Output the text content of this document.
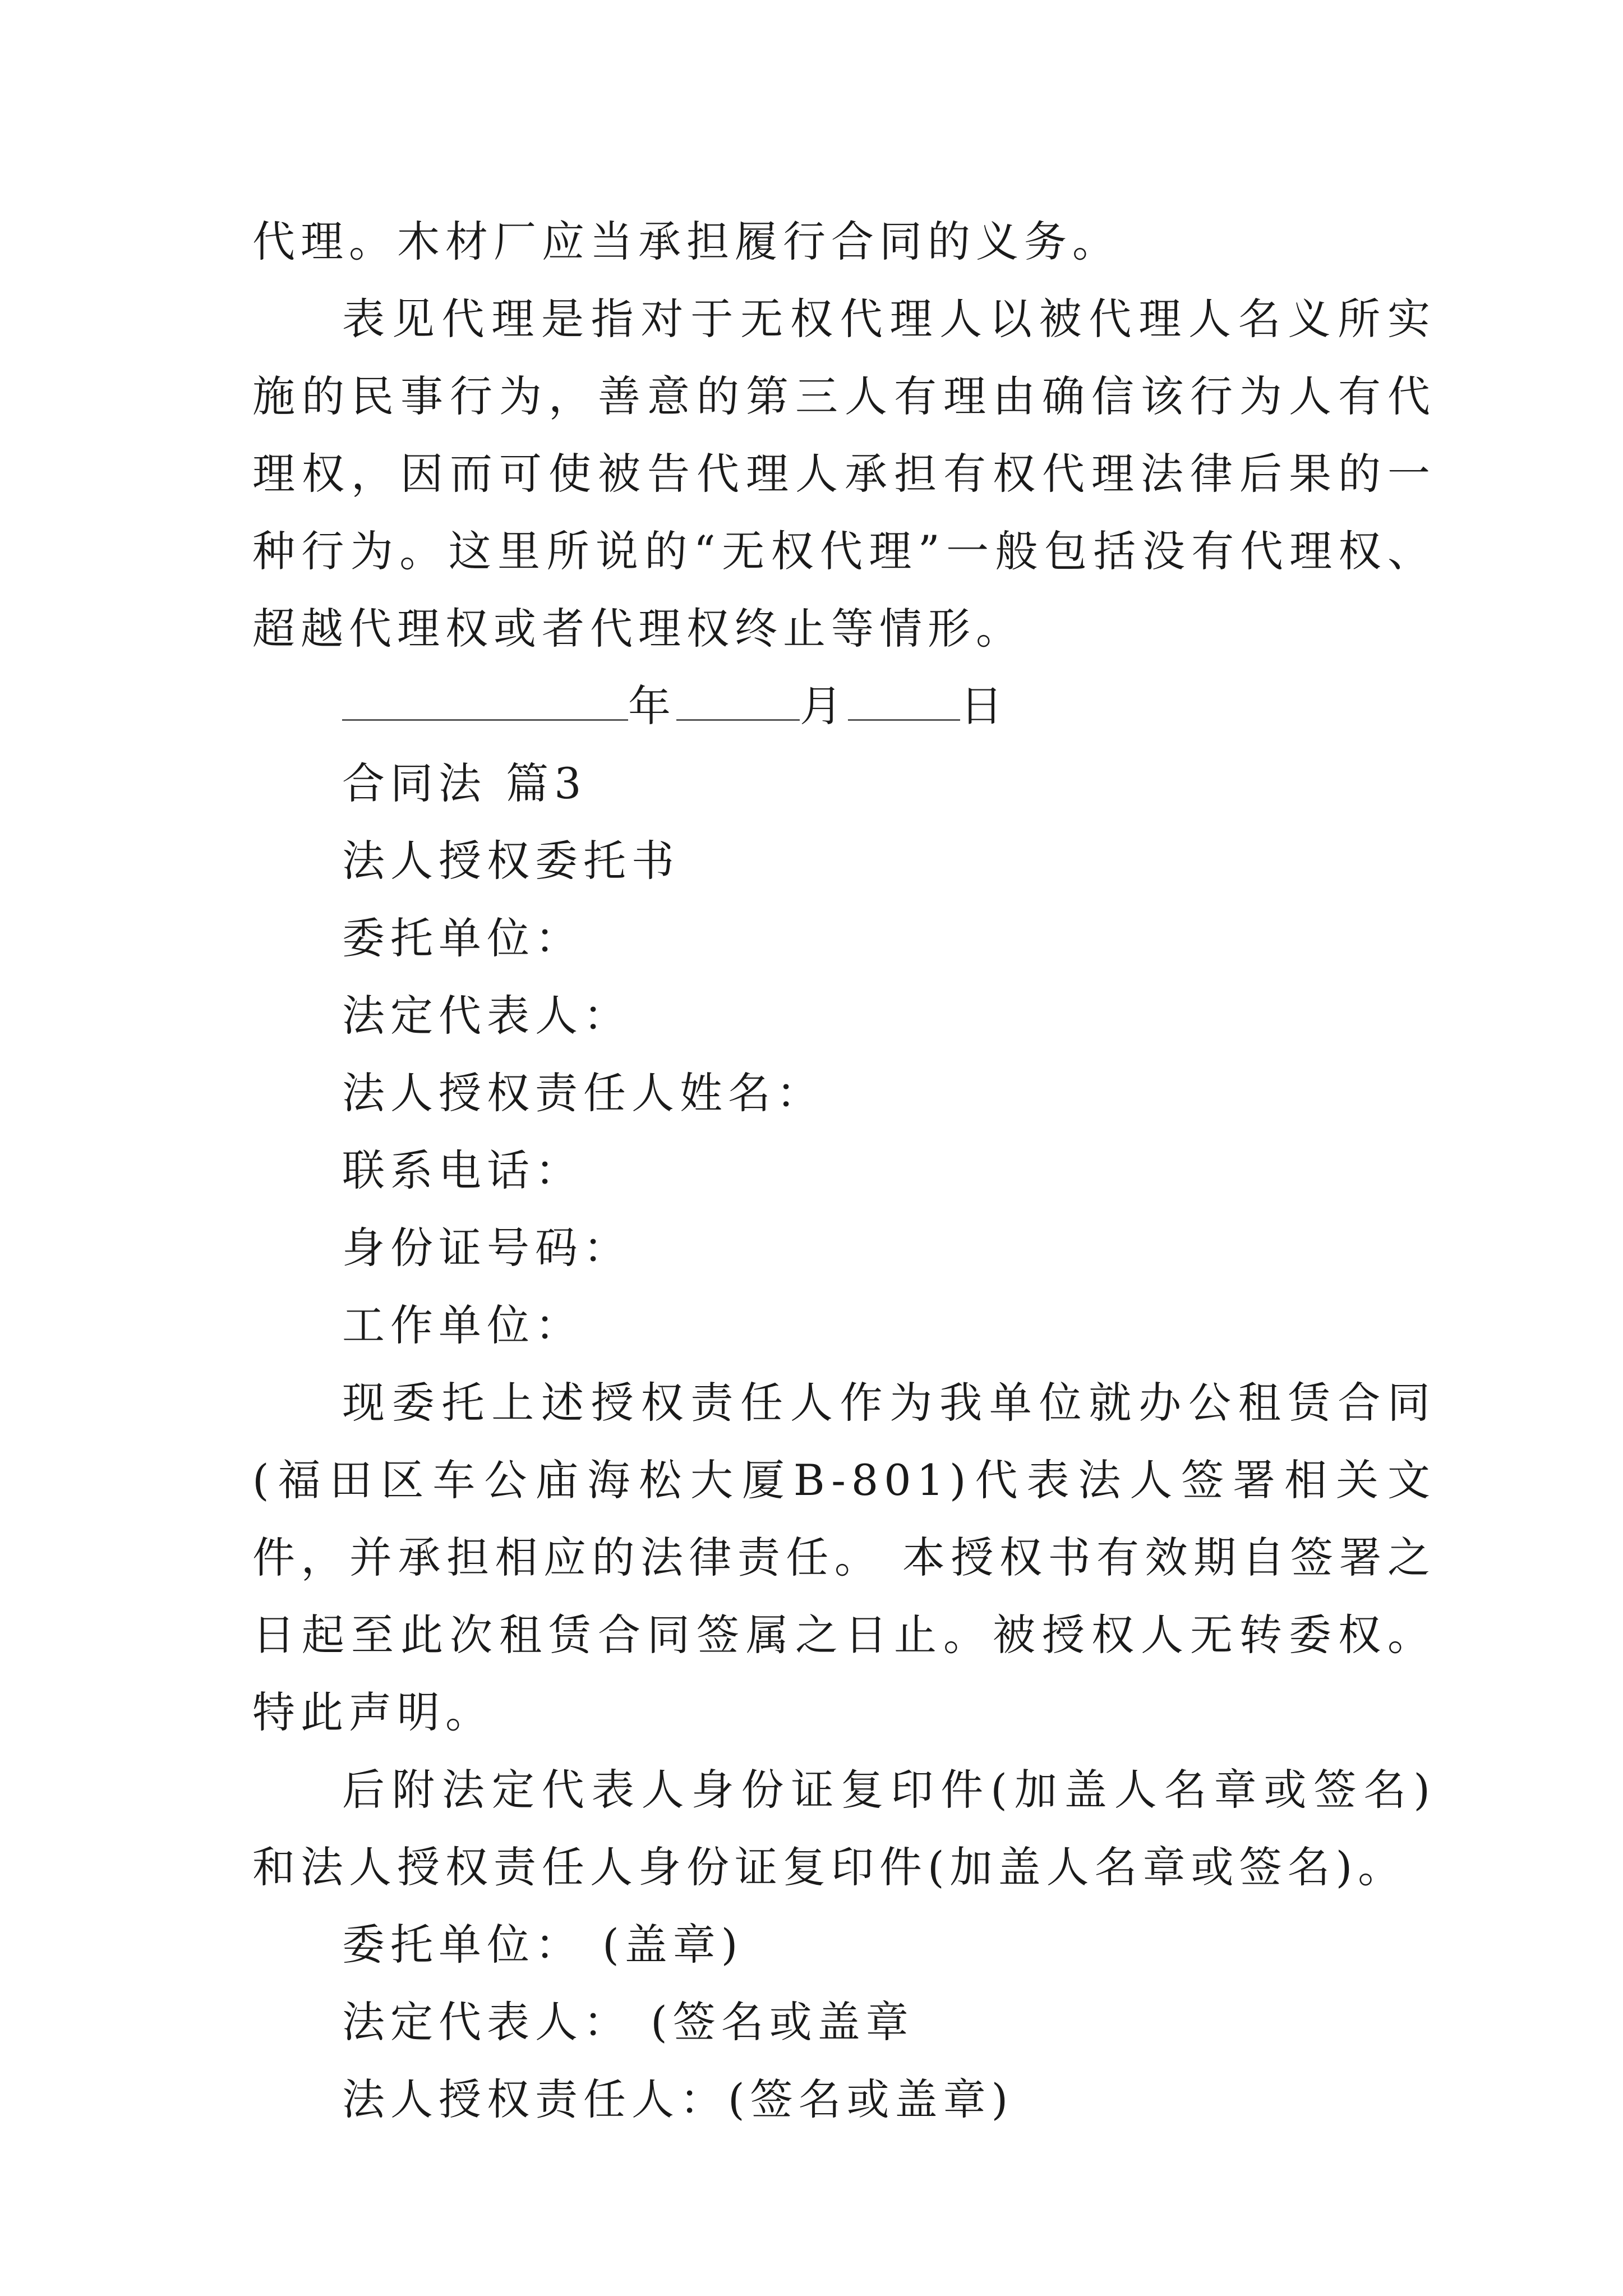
代理。木材厂应当承担履行合同的义务。

表见代理是指对于无权代理人以被代理人名义所实施的民事行为，善意的第三人有理由确信该行为人有代理权，因而可使被告代理人承担有权代理法律后果的一种行为。这里所说的“无权代理”一般包括没有代理权、超越代理权或者代理权终止等情形。

年	月	日

合同法 篇3

法人授权委托书

委托单位：

法定代表人：

法人授权责任人姓名：

联系电话：

身份证号码：

工作单位：

现委托上述授权责任人作为我单位就办公租赁合同(福田区车公庙海松大厦B-801)代表法人签署相关文件，并承担相应的法律责任。 本授权书有效期自签署之日起至此次租赁合同签属之日止。被授权人无转委权。特此声明。

后附法定代表人身份证复印件(加盖人名章或签名)和法人授权责任人身份证复印件(加盖人名章或签名)。

委托单位： (盖章)

法定代表人： (签名或盖章

法人授权责任人：(签名或盖章)
